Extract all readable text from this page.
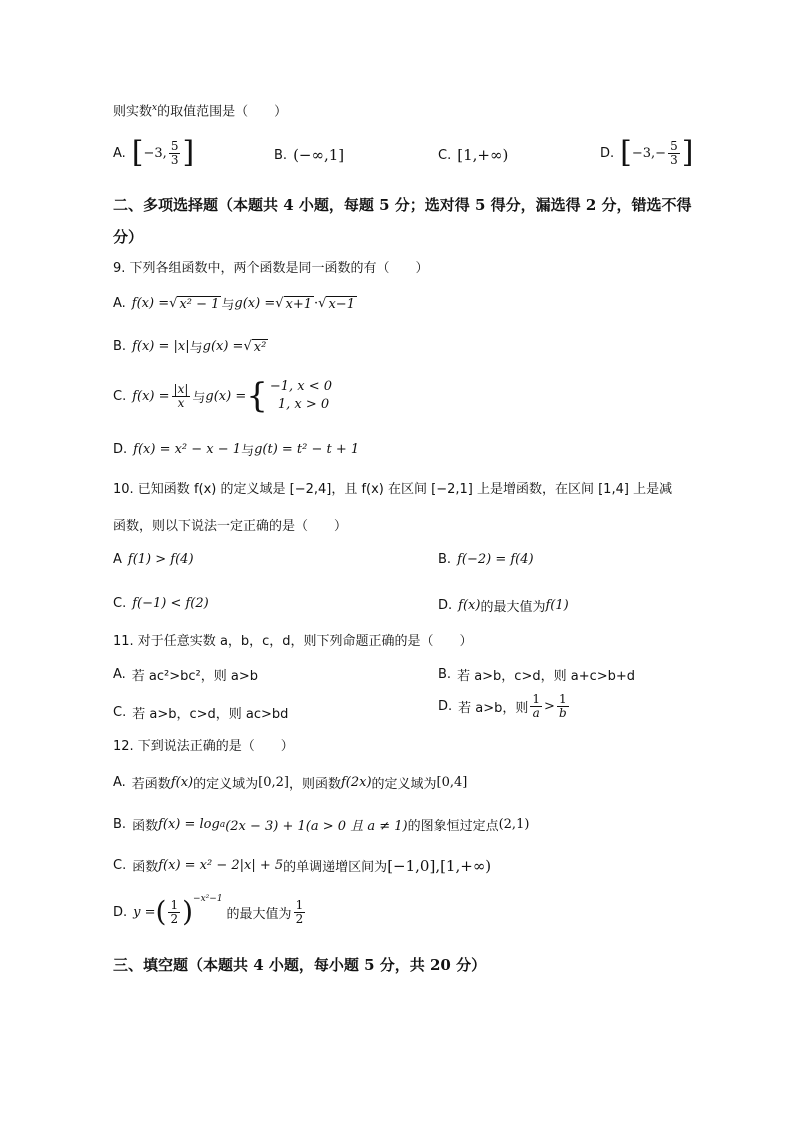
则实数$^x$的取值范围是（　　）
A. [ −3, $\frac{5}{3}$ ]	B. (−∞,1]	C. [1,+∞)	D. [ $-3,- \frac{5}{3}$ ]
二、多项选择题（本题共 4 小题，每题 5 分；选对得 5 得分，漏选得 2 分，错选不得
分）
9. 下列各组函数中，两个函数是同一函数的有（　　）
A. f(x) = √ x² − 1 与 g(x) = √ x+1 · √ x−1
B. f(x) = |x| 与 g(x) = √ x²
C. $f(x) = \frac{|x|}{x}$ 与 g(x) = { −1, x < 0
1, x > 0
D. f(x) = x² − x − 1 与 g(t) = t² − t + 1
10. 已知函数 f(x) 的定义域是 [−2,4]，且 f(x) 在区间 [−2,1] 上是增函数，在区间 [1,4] 上是减
函数，则以下说法一定正确的是（　　）
A f(1) > f(4)	B. f(−2) = f(4)
C. f(−1) < f(2)	D. f(x) 的最大值为 f(1)
11. 对于任意实数 a，b，c，d，则下列命题正确的是（　　）
A. 若 ac²>bc²，则 a>b	B. 若 a>b，c>d，则 a+c>b+d
C. 若 a>b，c>d，则 ac>bd
D. 若 a>b，则 $\frac{1}{a} > \frac{1}{b}$
12. 下到说法正确的是（　　）
A. 若函数 f(x) 的定义域为 [0,2] ，则函数 f(2x) 的定义域为 [0,4]
B. 函数 f(x) = log a (2x − 3) + 1(a > 0 且 a ≠ 1) 的图象恒过定点 (2,1)
C. 函数 f(x) = x² − 2|x| + 5 的单调递增区间为 [−1,0],[1,+∞)
D. y = ( $\frac{1}{2} )^{-x^2-1}$
的最大值为 $\frac{1}{2}$
三、填空题（本题共 4 小题，每小题 5 分，共 20 分）
